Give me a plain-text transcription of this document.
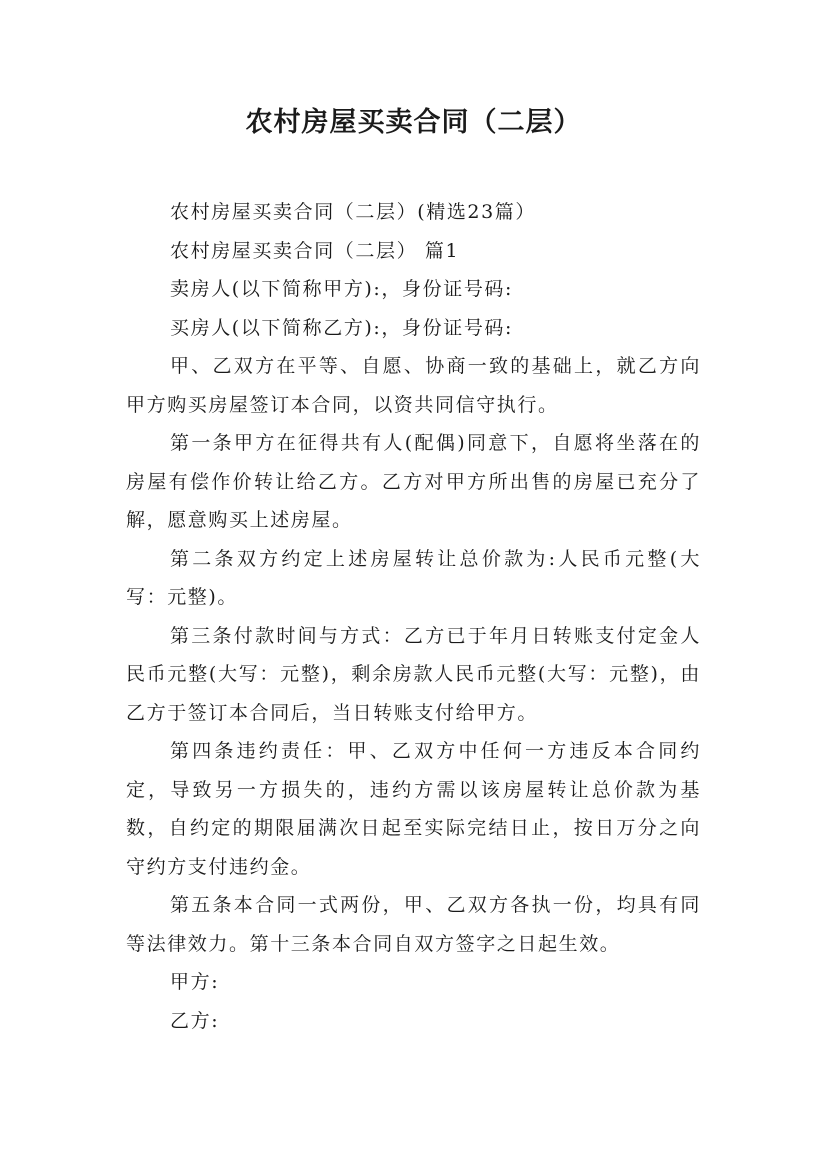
农村房屋买卖合同（二层）

农村房屋买卖合同（二层）(精选23篇）

农村房屋买卖合同（二层） 篇1

卖房人(以下简称甲方):，身份证号码:

买房人(以下简称乙方):，身份证号码:

甲、乙双方在平等、自愿、协商一致的基础上，就乙方向甲方购买房屋签订本合同，以资共同信守执行。

第一条甲方在征得共有人(配偶)同意下，自愿将坐落在的房屋有偿作价转让给乙方。乙方对甲方所出售的房屋已充分了解，愿意购买上述房屋。

第二条双方约定上述房屋转让总价款为:人民币元整(大写：元整)。

第三条付款时间与方式：乙方已于年月日转账支付定金人民币元整(大写：元整)，剩余房款人民币元整(大写：元整)，由乙方于签订本合同后，当日转账支付给甲方。

第四条违约责任：甲、乙双方中任何一方违反本合同约定，导致另一方损失的，违约方需以该房屋转让总价款为基数，自约定的期限届满次日起至实际完结日止，按日万分之向守约方支付违约金。

第五条本合同一式两份，甲、乙双方各执一份，均具有同等法律效力。第十三条本合同自双方签字之日起生效。

甲方:

乙方:
